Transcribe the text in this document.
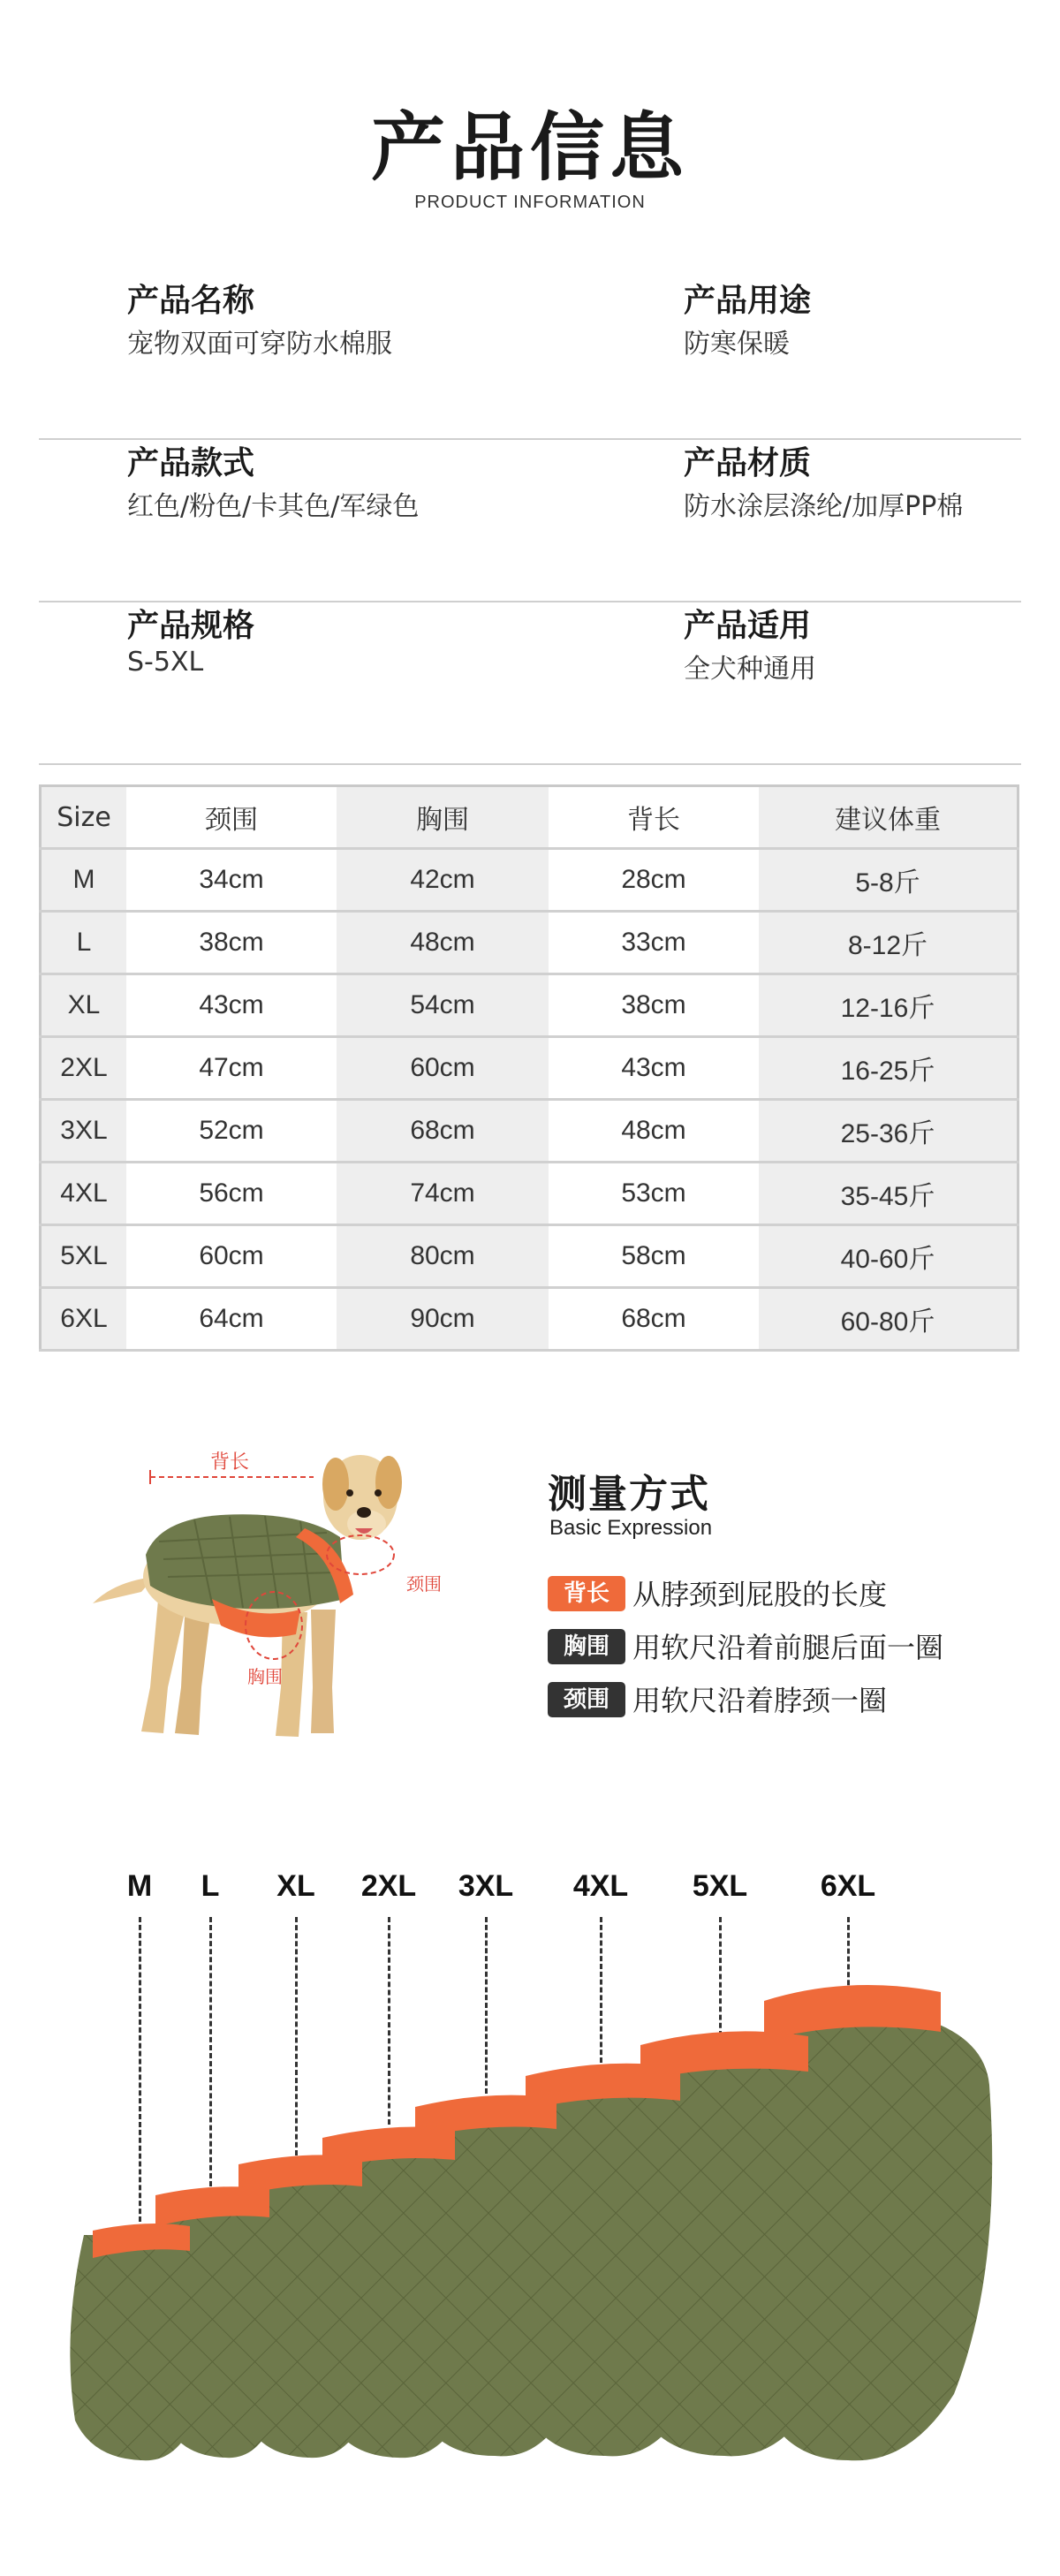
产品信息
PRODUCT INFORMATION
产品名称
宠物双面可穿防水棉服
产品用途
防寒保暖
产品款式
红色/粉色/卡其色/军绿色
产品材质
防水涂层涤纶/加厚PP棉
产品规格
S-5XL
产品适用
全犬种通用
Size	颈围	胸围	背长	建议体重
M	34cm	42cm	28cm	5-8斤
L	38cm	48cm	33cm	8-12斤
XL	43cm	54cm	38cm	12-16斤
2XL	47cm	60cm	43cm	16-25斤
3XL	52cm	68cm	48cm	25-36斤
4XL	56cm	74cm	53cm	35-45斤
5XL	60cm	80cm	58cm	40-60斤
6XL	64cm	90cm	68cm	60-80斤
背长
颈围
胸围
测量方式
Basic Expression
背长 从脖颈到屁股的长度
胸围 用软尺沿着前腿后面一圈
颈围 用软尺沿着脖颈一圈
M	L	XL	2XL	3XL	4XL	5XL	6XL
